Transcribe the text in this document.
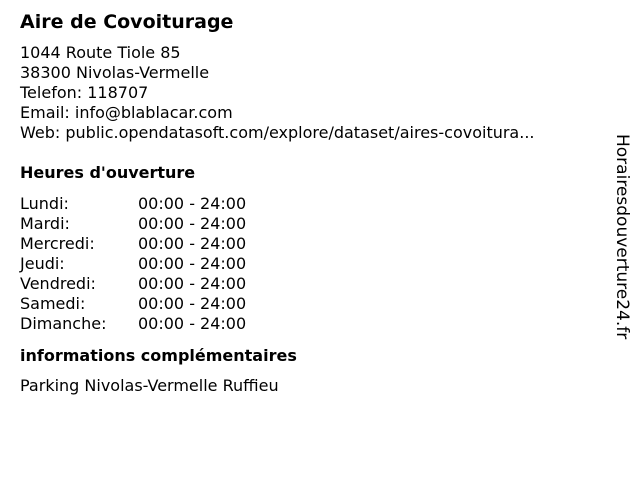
Aire de Covoiturage
1044 Route Tiole 85
38300 Nivolas-Vermelle
Telefon: 118707
Email: info@blablacar.com
Web: public.opendatasoft.com/explore/dataset/aires-covoitura...
Heures d'ouverture
Lundi:	00:00 - 24:00
Mardi:	00:00 - 24:00
Mercredi:	00:00 - 24:00
Jeudi:	00:00 - 24:00
Vendredi:	00:00 - 24:00
Samedi:	00:00 - 24:00
Dimanche: 00:00 - 24:00
informations complémentaires
Parking Nivolas-Vermelle Ruffieu
Horairesdouverture24.fr
